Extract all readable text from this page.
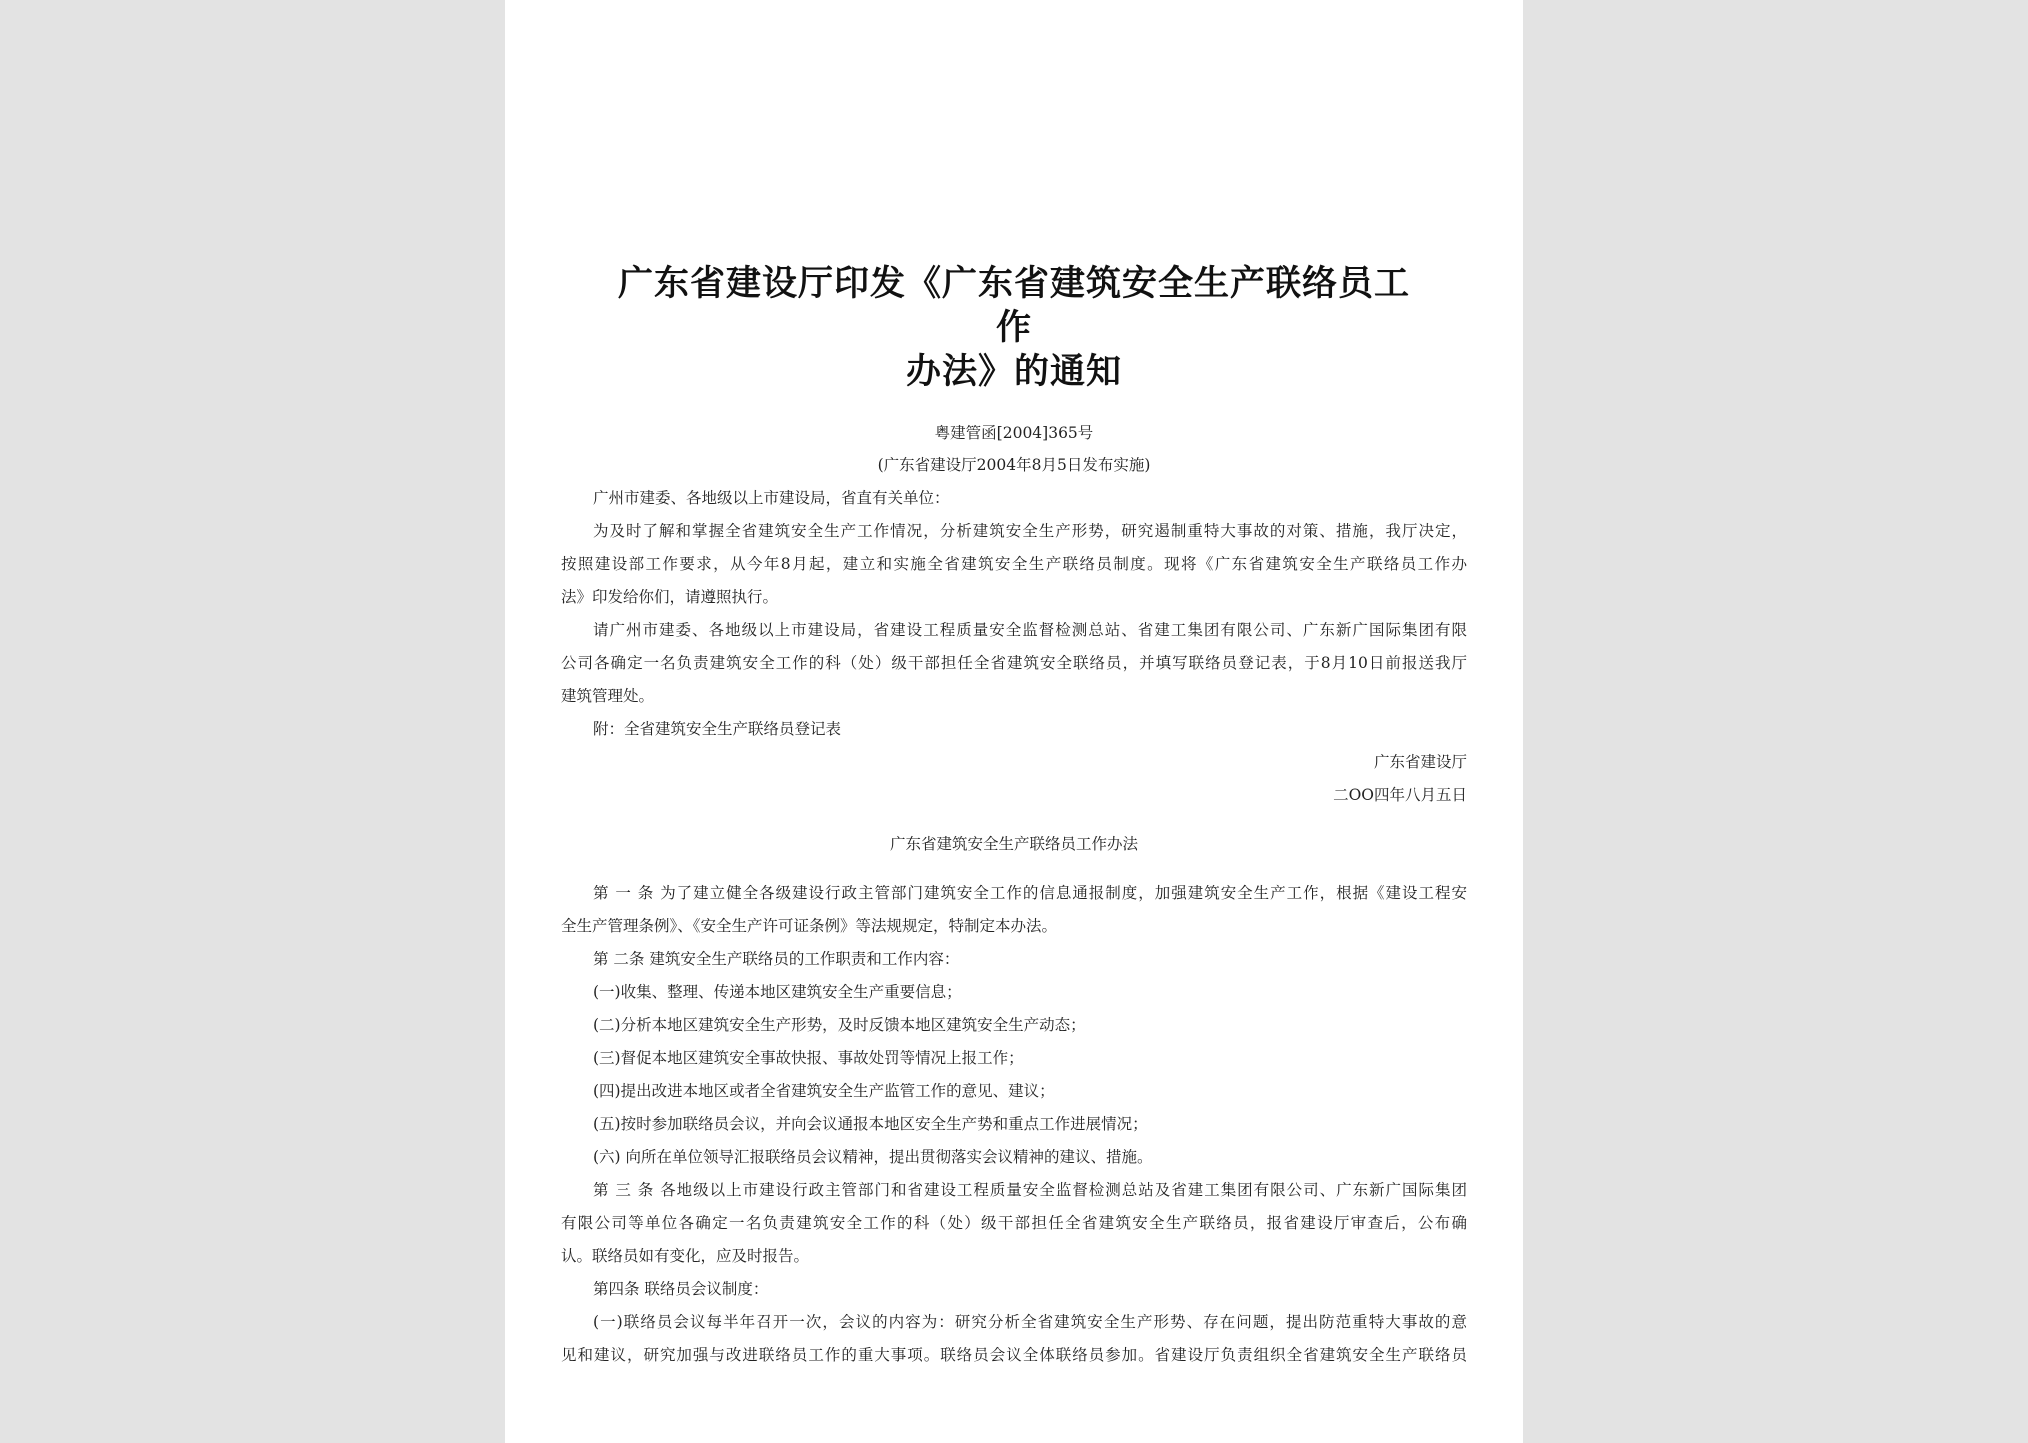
广东省建设厅印发《广东省建筑安全生产联络员工作
办法》的通知
粤建管函[2004]365号
(广东省建设厅2004年8月5日发布实施)
广州市建委、各地级以上市建设局，省直有关单位：
为及时了解和掌握全省建筑安全生产工作情况，分析建筑安全生产形势，研究遏制重特大事故的对策、措施，我厅决定，
按照建设部工作要求，从今年8月起，建立和实施全省建筑安全生产联络员制度。现将《广东省建筑安全生产联络员工作办
法》印发给你们，请遵照执行。
请广州市建委、各地级以上市建设局，省建设工程质量安全监督检测总站、省建工集团有限公司、广东新广国际集团有限
公司各确定一名负责建筑安全工作的科（处）级干部担任全省建筑安全联络员，并填写联络员登记表，于8月10日前报送我厅
建筑管理处。
附：全省建筑安全生产联络员登记表
广东省建设厅
二OO四年八月五日
广东省建筑安全生产联络员工作办法
第 一 条 为了建立健全各级建设行政主管部门建筑安全工作的信息通报制度，加强建筑安全生产工作，根据《建设工程安
全生产管理条例》、《安全生产许可证条例》等法规规定，特制定本办法。
第 二条 建筑安全生产联络员的工作职责和工作内容：
(一)收集、整理、传递本地区建筑安全生产重要信息；
(二)分析本地区建筑安全生产形势，及时反馈本地区建筑安全生产动态；
(三)督促本地区建筑安全事故快报、事故处罚等情况上报工作；
(四)提出改进本地区或者全省建筑安全生产监管工作的意见、建议；
(五)按时参加联络员会议，并向会议通报本地区安全生产势和重点工作进展情况；
(六) 向所在单位领导汇报联络员会议精神，提出贯彻落实会议精神的建议、措施。
第 三 条 各地级以上市建设行政主管部门和省建设工程质量安全监督检测总站及省建工集团有限公司、广东新广国际集团
有限公司等单位各确定一名负责建筑安全工作的科（处）级干部担任全省建筑安全生产联络员，报省建设厅审查后，公布确
认。联络员如有变化，应及时报告。
第四条 联络员会议制度：
(一)联络员会议每半年召开一次，会议的内容为：研究分析全省建筑安全生产形势、存在问题，提出防范重特大事故的意
见和建议，研究加强与改进联络员工作的重大事项。联络员会议全体联络员参加。省建设厅负责组织全省建筑安全生产联络员
